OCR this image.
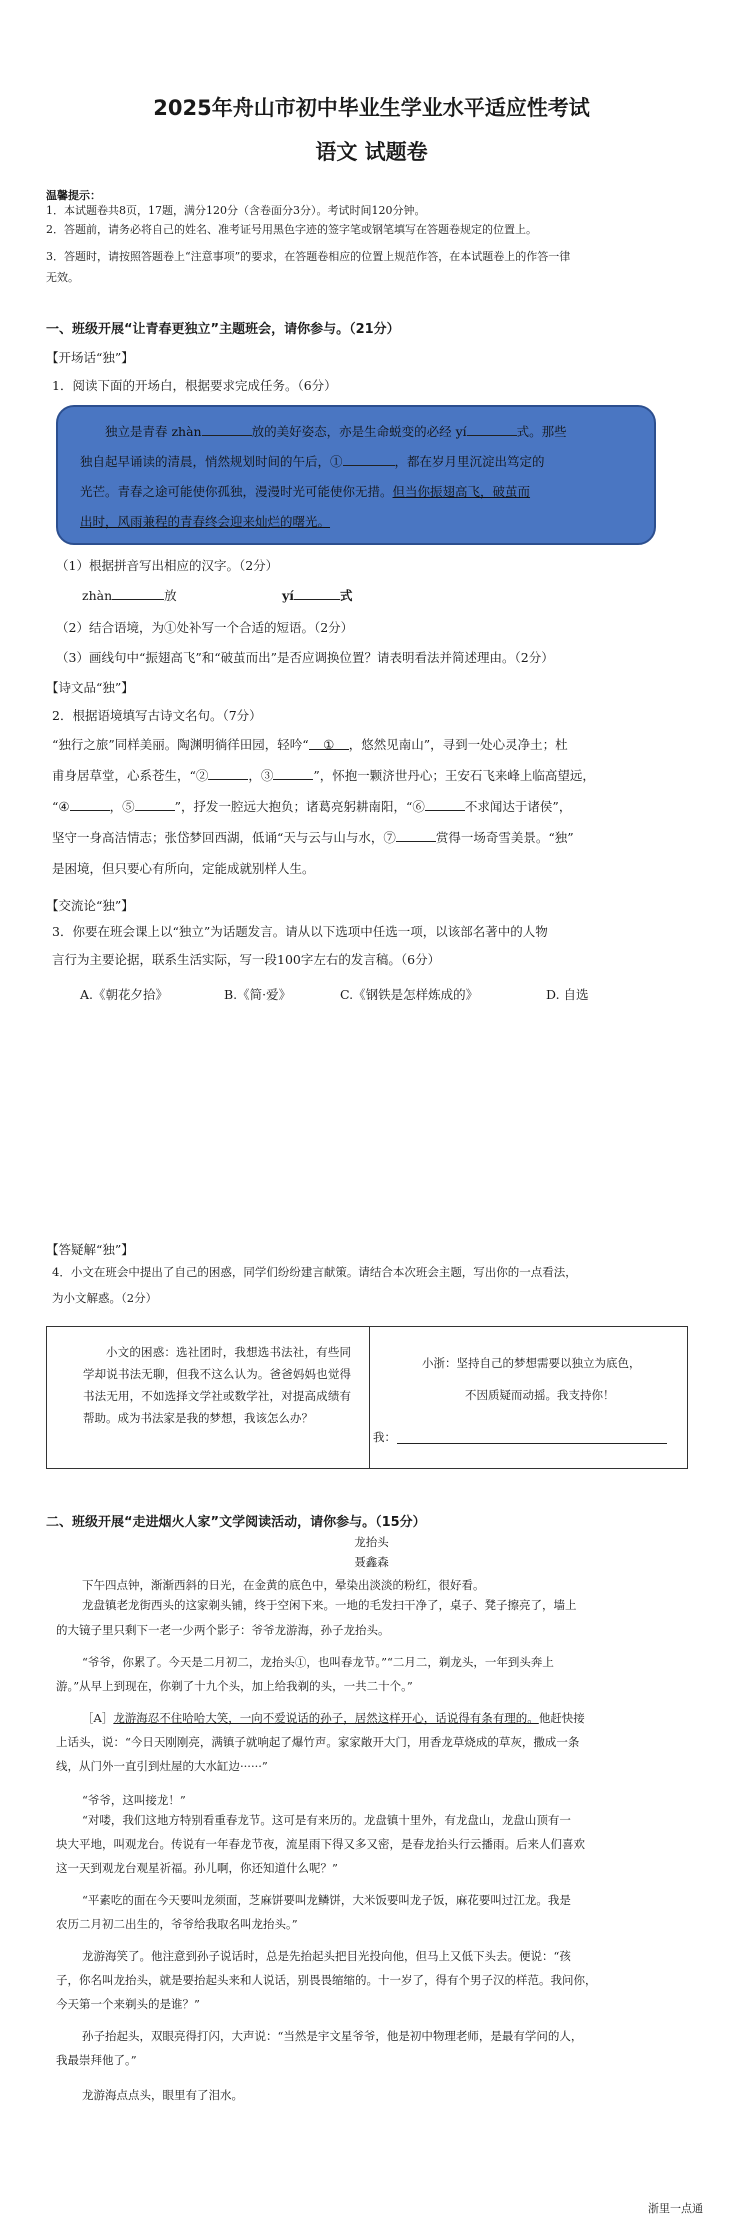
2025年舟山市初中毕业生学业水平适应性考试
语文 试题卷
温馨提示：
1．本试题卷共8页，17题，满分120分（含卷面分3分）。考试时间120分钟。
2．答题前，请务必将自己的姓名、准考证号用黑色字迹的签字笔或钢笔填写在答题卷规定的位置上。
3．答题时，请按照答题卷上“注意事项”的要求，在答题卷相应的位置上规范作答，在本试题卷上的作答一律
无效。
一、班级开展“让青春更独立”主题班会，请你参与。（21分）
【开场话“独”】
1．阅读下面的开场白，根据要求完成任务。（6分）
独立是青春 zhàn	放的美好姿态，亦是生命蜕变的必经 yí	式。那些
独自起早诵读的清晨，悄然规划时间的午后，①	，都在岁月里沉淀出笃定的
光芒。青春之途可能使你孤独，漫漫时光可能使你无措。但当你振翅高飞，破茧而
出时，风雨兼程的青春终会迎来灿烂的曙光。
（1）根据拼音写出相应的汉字。（2分）
zhàn	放	yí	式
（2）结合语境，为①处补写一个合适的短语。（2分）
（3）画线句中“振翅高飞”和“破茧而出”是否应调换位置？请表明看法并简述理由。（2分）
【诗文品“独”】
2．根据语境填写古诗文名句。（7分）
“独行之旅”同样美丽。陶渊明徜徉田园，轻吟“ ① ，悠然见南山”，寻到一处心灵净土；杜
甫身居草堂，心系苍生，“②	，③	”，怀抱一颗济世丹心；王安石飞来峰上临高望远，
“④	，⑤	”，抒发一腔远大抱负；诸葛亮躬耕南阳，“⑥	不求闻达于诸侯”，
坚守一身高洁情志；张岱梦回西湖，低诵“天与云与山与水，⑦	赏得一场奇雪美景。“独”
是困境，但只要心有所向，定能成就别样人生。
【交流论“独”】
3．你要在班会课上以“独立”为话题发言。请从以下选项中任选一项，以该部名著中的人物
言行为主要论据，联系生活实际，写一段100字左右的发言稿。（6分）
A.《朝花夕拾》	B.《简·爱》	C.《钢铁是怎样炼成的》	D. 自选
【答疑解“独”】
4．小文在班会中提出了自己的困惑，同学们纷纷建言献策。请结合本次班会主题，写出你的一点看法，
为小文解惑。（2分）
小文的困惑：选社团时，我想选书法社，有些同学却说书法无聊，但我不这么认为。爸爸妈妈也觉得书法无用，不如选择文学社或数学社，对提高成绩有帮助。成为书法家是我的梦想，我该怎么办？
小浙：坚持自己的梦想需要以独立为底色，
不因质疑而动摇。我支持你！
我：
二、班级开展“走进烟火人家”文学阅读活动，请你参与。（15分）
龙抬头
聂鑫森
下午四点钟，渐渐西斜的日光，在金黄的底色中，晕染出淡淡的粉红，很好看。
龙盘镇老龙街西头的这家剃头铺，终于空闲下来。一地的毛发扫干净了，桌子、凳子擦亮了，墙上
的大镜子里只剩下一老一少两个影子：爷爷龙游海，孙子龙抬头。
“爷爷，你累了。今天是二月初二，龙抬头①，也叫春龙节。”“二月二，剃龙头，一年到头奔上
游。”从早上到现在，你剃了十九个头，加上给我剃的头，一共二十个。”
［A］龙游海忍不住哈哈大笑，一向不爱说话的孙子，居然这样开心，话说得有条有理的。他赶快接
上话头，说：“今日天刚刚亮，满镇子就响起了爆竹声。家家敞开大门，用香龙草烧成的草灰，撒成一条
线，从门外一直引到灶屋的大水缸边······”
“爷爷，这叫接龙！”
“对喽，我们这地方特别看重春龙节。这可是有来历的。龙盘镇十里外，有龙盘山，龙盘山顶有一
块大平地，叫观龙台。传说有一年春龙节夜，流星雨下得又多又密，是春龙抬头行云播雨。后来人们喜欢
这一天到观龙台观星祈福。孙儿啊，你还知道什么呢？”
“平素吃的面在今天要叫龙须面，芝麻饼要叫龙鳞饼，大米饭要叫龙子饭，麻花要叫过江龙。我是
农历二月初二出生的，爷爷给我取名叫龙抬头。”
龙游海笑了。他注意到孙子说话时，总是先抬起头把目光投向他，但马上又低下头去。便说：“孩
子，你名叫龙抬头，就是要抬起头来和人说话，别畏畏缩缩的。十一岁了，得有个男子汉的样范。我问你，
今天第一个来剃头的是谁？”
孙子抬起头，双眼亮得打闪，大声说：“当然是宇文星爷爷，他是初中物理老师，是最有学问的人，
我最崇拜他了。”
龙游海点点头，眼里有了泪水。
浙里一点通
